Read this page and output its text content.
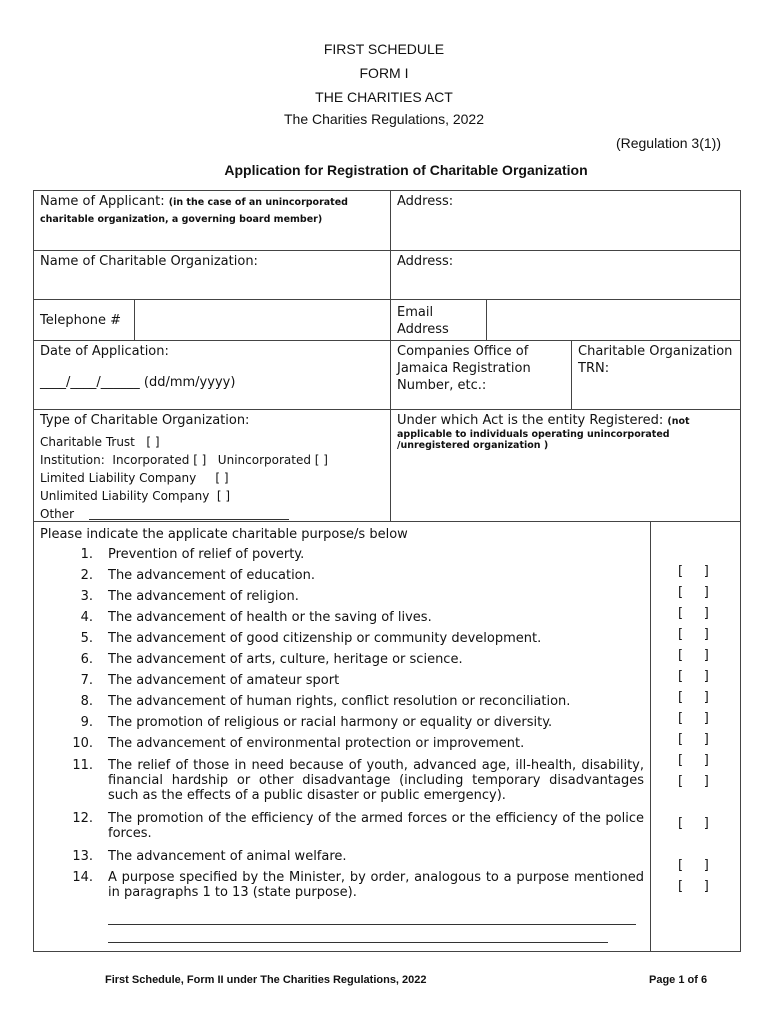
FIRST SCHEDULE
FORM I
THE CHARITIES ACT
The Charities Regulations, 2022
(Regulation 3(1))
Application for Registration of Charitable Organization
Name of Applicant: (in the case of an unincorporated charitable organization, a governing board member)
Address:
Name of Charitable Organization:	Address:
Telephone #
Email Address
Date of Application:
____/____/______ (dd/mm/yyyy)
Companies Office of Jamaica Registration Number, etc.:
Charitable Organization TRN:
Type of Charitable Organization:
Charitable Trust   [ ]
Institution:  Incorporated [ ]   Unincorporated [ ]
Limited Liability Company     [ ]
Unlimited Liability Company  [ ]
Other
Under which Act is the entity Registered: (not
applicable to individuals operating unincorporated /unregistered organization )
Please indicate the applicate charitable purpose/s below
1. Prevention of relief of poverty.
2. The advancement of education.
3. The advancement of religion.
4. The advancement of health or the saving of lives.
5. The advancement of good citizenship or community development.
6. The advancement of arts, culture, heritage or science.
7. The advancement of amateur sport
8. The advancement of human rights, conflict resolution or reconciliation.
9. The promotion of religious or racial harmony or equality or diversity.
10. The advancement of environmental protection or improvement.
11. The relief of those in need because of youth, advanced age, ill-health, disability, financial hardship or other disadvantage (including temporary disadvantages such as the effects of a public disaster or public emergency).
12. The promotion of the efficiency of the armed forces or the efficiency of the police forces.
13. The advancement of animal welfare.
14. A purpose specified by the Minister, by order, analogous to a purpose mentioned in paragraphs 1 to 13 (state purpose).
[     ]
[     ]
[     ]
[     ]
[     ]
[     ]
[     ]
[     ]
[     ]
[     ]
[     ]
[     ]
[     ]
[     ]
First Schedule, Form II under The Charities Regulations, 2022	Page 1 of 6
